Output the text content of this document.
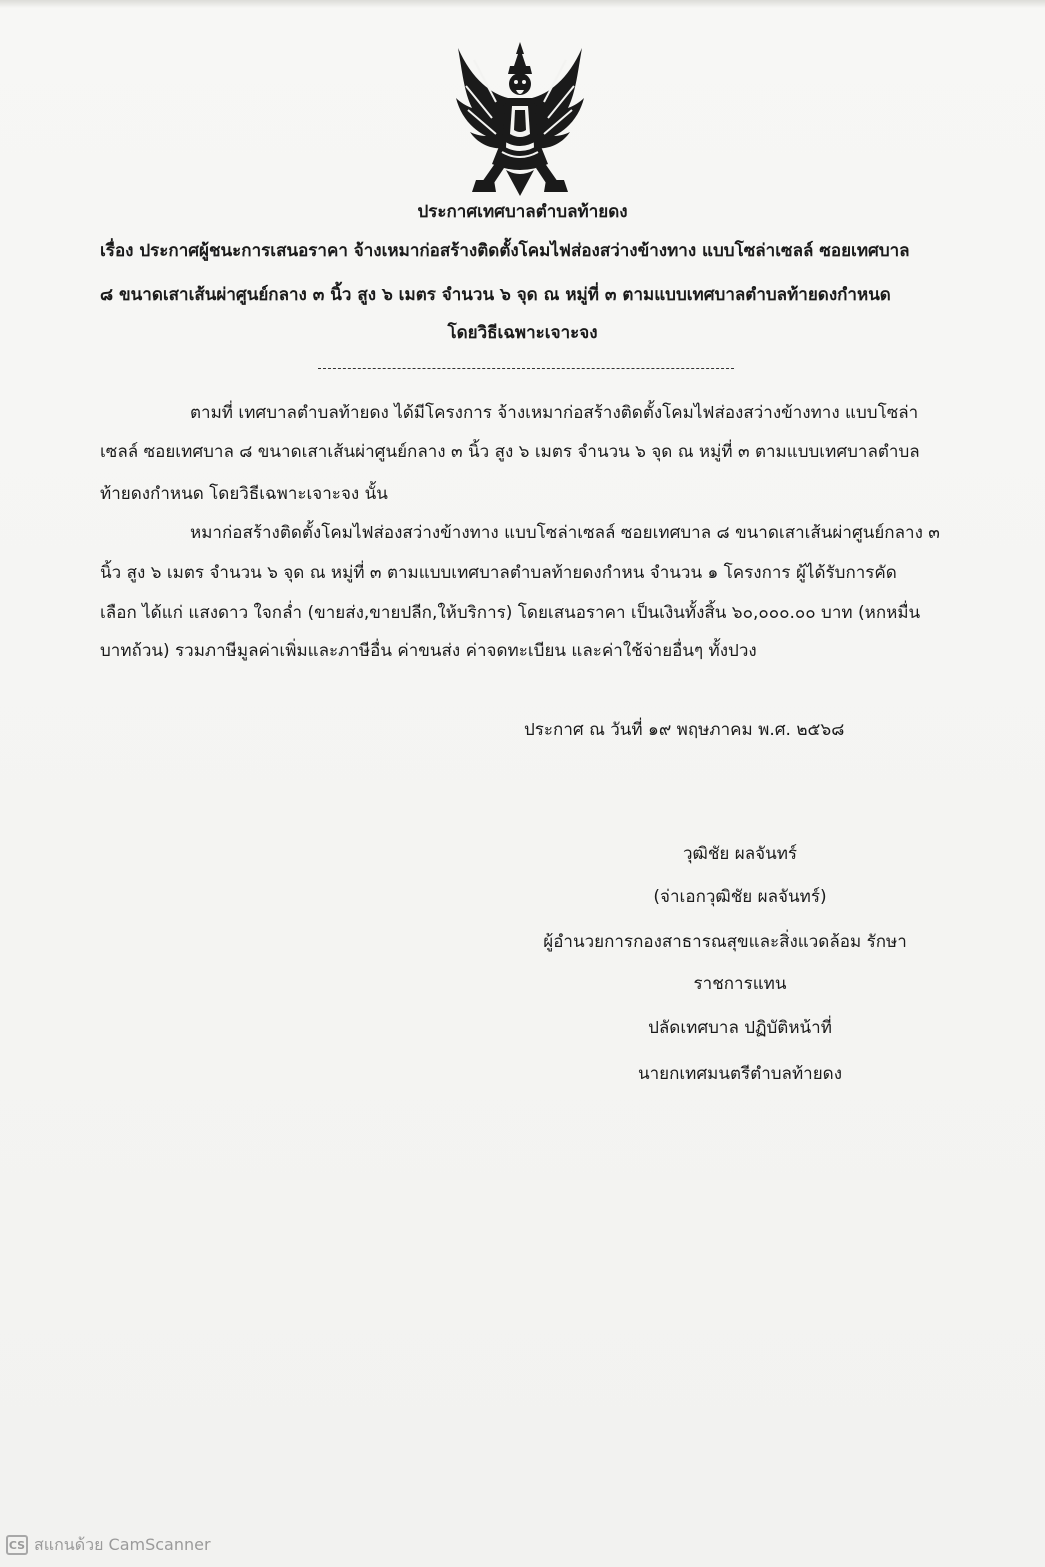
ประกาศเทศบาลตำบลท้ายดง
เรื่อง ประกาศผู้ชนะการเสนอราคา จ้างเหมาก่อสร้างติดตั้งโคมไฟส่องสว่างข้างทาง แบบโซล่าเซลล์ ซอยเทศบาล
๘ ขนาดเสาเส้นผ่าศูนย์กลาง ๓ นิ้ว สูง ๖ เมตร จำนวน ๖ จุด ณ หมู่ที่ ๓ ตามแบบเทศบาลตำบลท้ายดงกำหนด
โดยวิธีเฉพาะเจาะจง
ตามที่ เทศบาลตำบลท้ายดง ได้มีโครงการ จ้างเหมาก่อสร้างติดตั้งโคมไฟส่องสว่างข้างทาง แบบโซล่า
เซลล์ ซอยเทศบาล ๘ ขนาดเสาเส้นผ่าศูนย์กลาง ๓ นิ้ว สูง ๖ เมตร จำนวน ๖ จุด ณ หมู่ที่ ๓ ตามแบบเทศบาลตำบล
ท้ายดงกำหนด โดยวิธีเฉพาะเจาะจง นั้น
หมาก่อสร้างติดตั้งโคมไฟส่องสว่างข้างทาง แบบโซล่าเซลล์ ซอยเทศบาล ๘ ขนาดเสาเส้นผ่าศูนย์กลาง ๓
นิ้ว สูง ๖ เมตร จำนวน ๖ จุด ณ หมู่ที่ ๓ ตามแบบเทศบาลตำบลท้ายดงกำหน จำนวน ๑ โครงการ ผู้ได้รับการคัด
เลือก ได้แก่ แสงดาว ใจกล่ำ (ขายส่ง,ขายปลีก,ให้บริการ) โดยเสนอราคา เป็นเงินทั้งสิ้น ๖๐,๐๐๐.๐๐ บาท (หกหมื่น
บาทถ้วน) รวมภาษีมูลค่าเพิ่มและภาษีอื่น ค่าขนส่ง ค่าจดทะเบียน และค่าใช้จ่ายอื่นๆ ทั้งปวง
ประกาศ ณ วันที่ ๑๙ พฤษภาคม พ.ศ. ๒๕๖๘
วุฒิชัย ผลจันทร์
(จ่าเอกวุฒิชัย ผลจันทร์)
ผู้อำนวยการกองสาธารณสุขและสิ่งแวดล้อม รักษา
ราชการแทน
ปลัดเทศบาล ปฏิบัติหน้าที่
นายกเทศมนตรีตำบลท้ายดง
CS สแกนด้วย CamScanner
